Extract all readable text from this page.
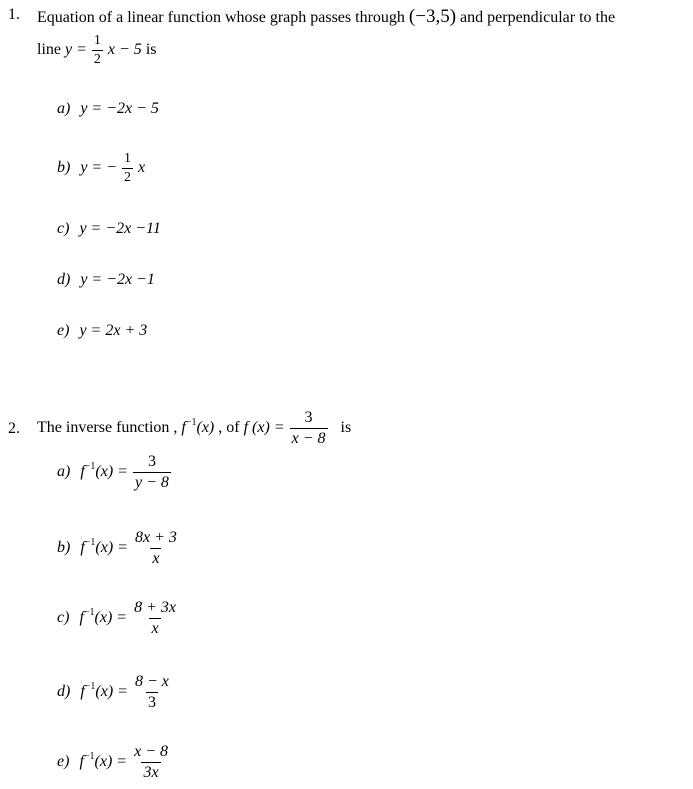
1. Equation of a linear function whose graph passes through (−3,5) and perpendicular to the
line $y = \frac{1}{2}$ x − 5 is
a) y = −2x − 5
b) y = − $\frac{1}{2}$ x
c) y = −2x −11
d) y = −2x −1
e) y = 2x + 3
2. The inverse function , $f^{-1}(x)$ , of f $(x) = \frac{3}{x - 8}$ is
a) $f^{-1}(x) = \frac{3}{y - 8}$
b) $f^{-1}(x) = \frac{8x + 3}{x}$
c) $f^{-1}(x) = \frac{8 + 3x}{x}$
d) $f^{-1}(x) = \frac{8 - x}{3}$
e) $f^{-1}(x) = \frac{x - 8}{3x}$
